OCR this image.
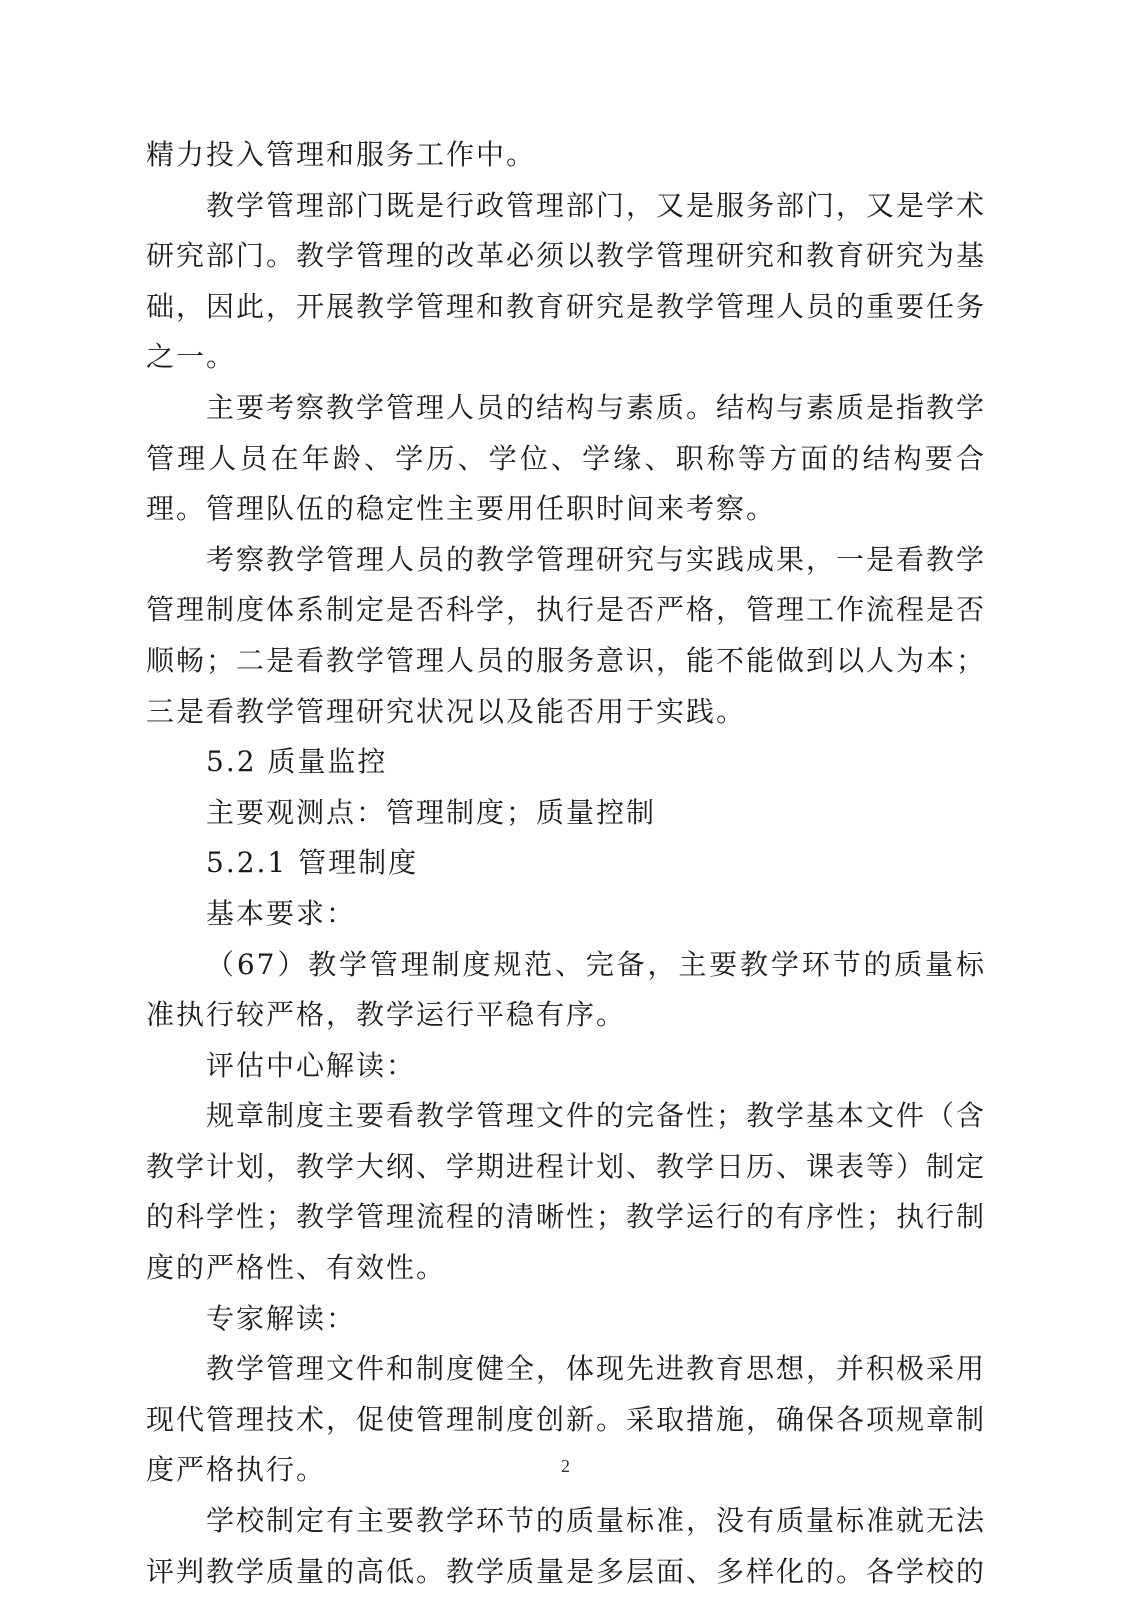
精力投入管理和服务工作中。

教学管理部门既是行政管理部门，又是服务部门，又是学术研究部门。教学管理的改革必须以教学管理研究和教育研究为基础，因此，开展教学管理和教育研究是教学管理人员的重要任务之一。

主要考察教学管理人员的结构与素质。结构与素质是指教学管理人员在年龄、学历、学位、学缘、职称等方面的结构要合理。管理队伍的稳定性主要用任职时间来考察。

考察教学管理人员的教学管理研究与实践成果，一是看教学管理制度体系制定是否科学，执行是否严格，管理工作流程是否顺畅；二是看教学管理人员的服务意识，能不能做到以人为本；三是看教学管理研究状况以及能否用于实践。

5.2 质量监控

主要观测点：管理制度；质量控制

5.2.1 管理制度

基本要求：

（67）教学管理制度规范、完备，主要教学环节的质量标准执行较严格，教学运行平稳有序。

评估中心解读：

规章制度主要看教学管理文件的完备性；教学基本文件（含教学计划，教学大纲、学期进程计划、教学日历、课表等）制定的科学性；教学管理流程的清晰性；教学运行的有序性；执行制度的严格性、有效性。

专家解读：

教学管理文件和制度健全，体现先进教育思想，并积极采用现代管理技术，促使管理制度创新。采取措施，确保各项规章制度严格执行。

学校制定有主要教学环节的质量标准，没有质量标准就无法评判教学质量的高低。教学质量是多层面、多样化的。各学校的

2
